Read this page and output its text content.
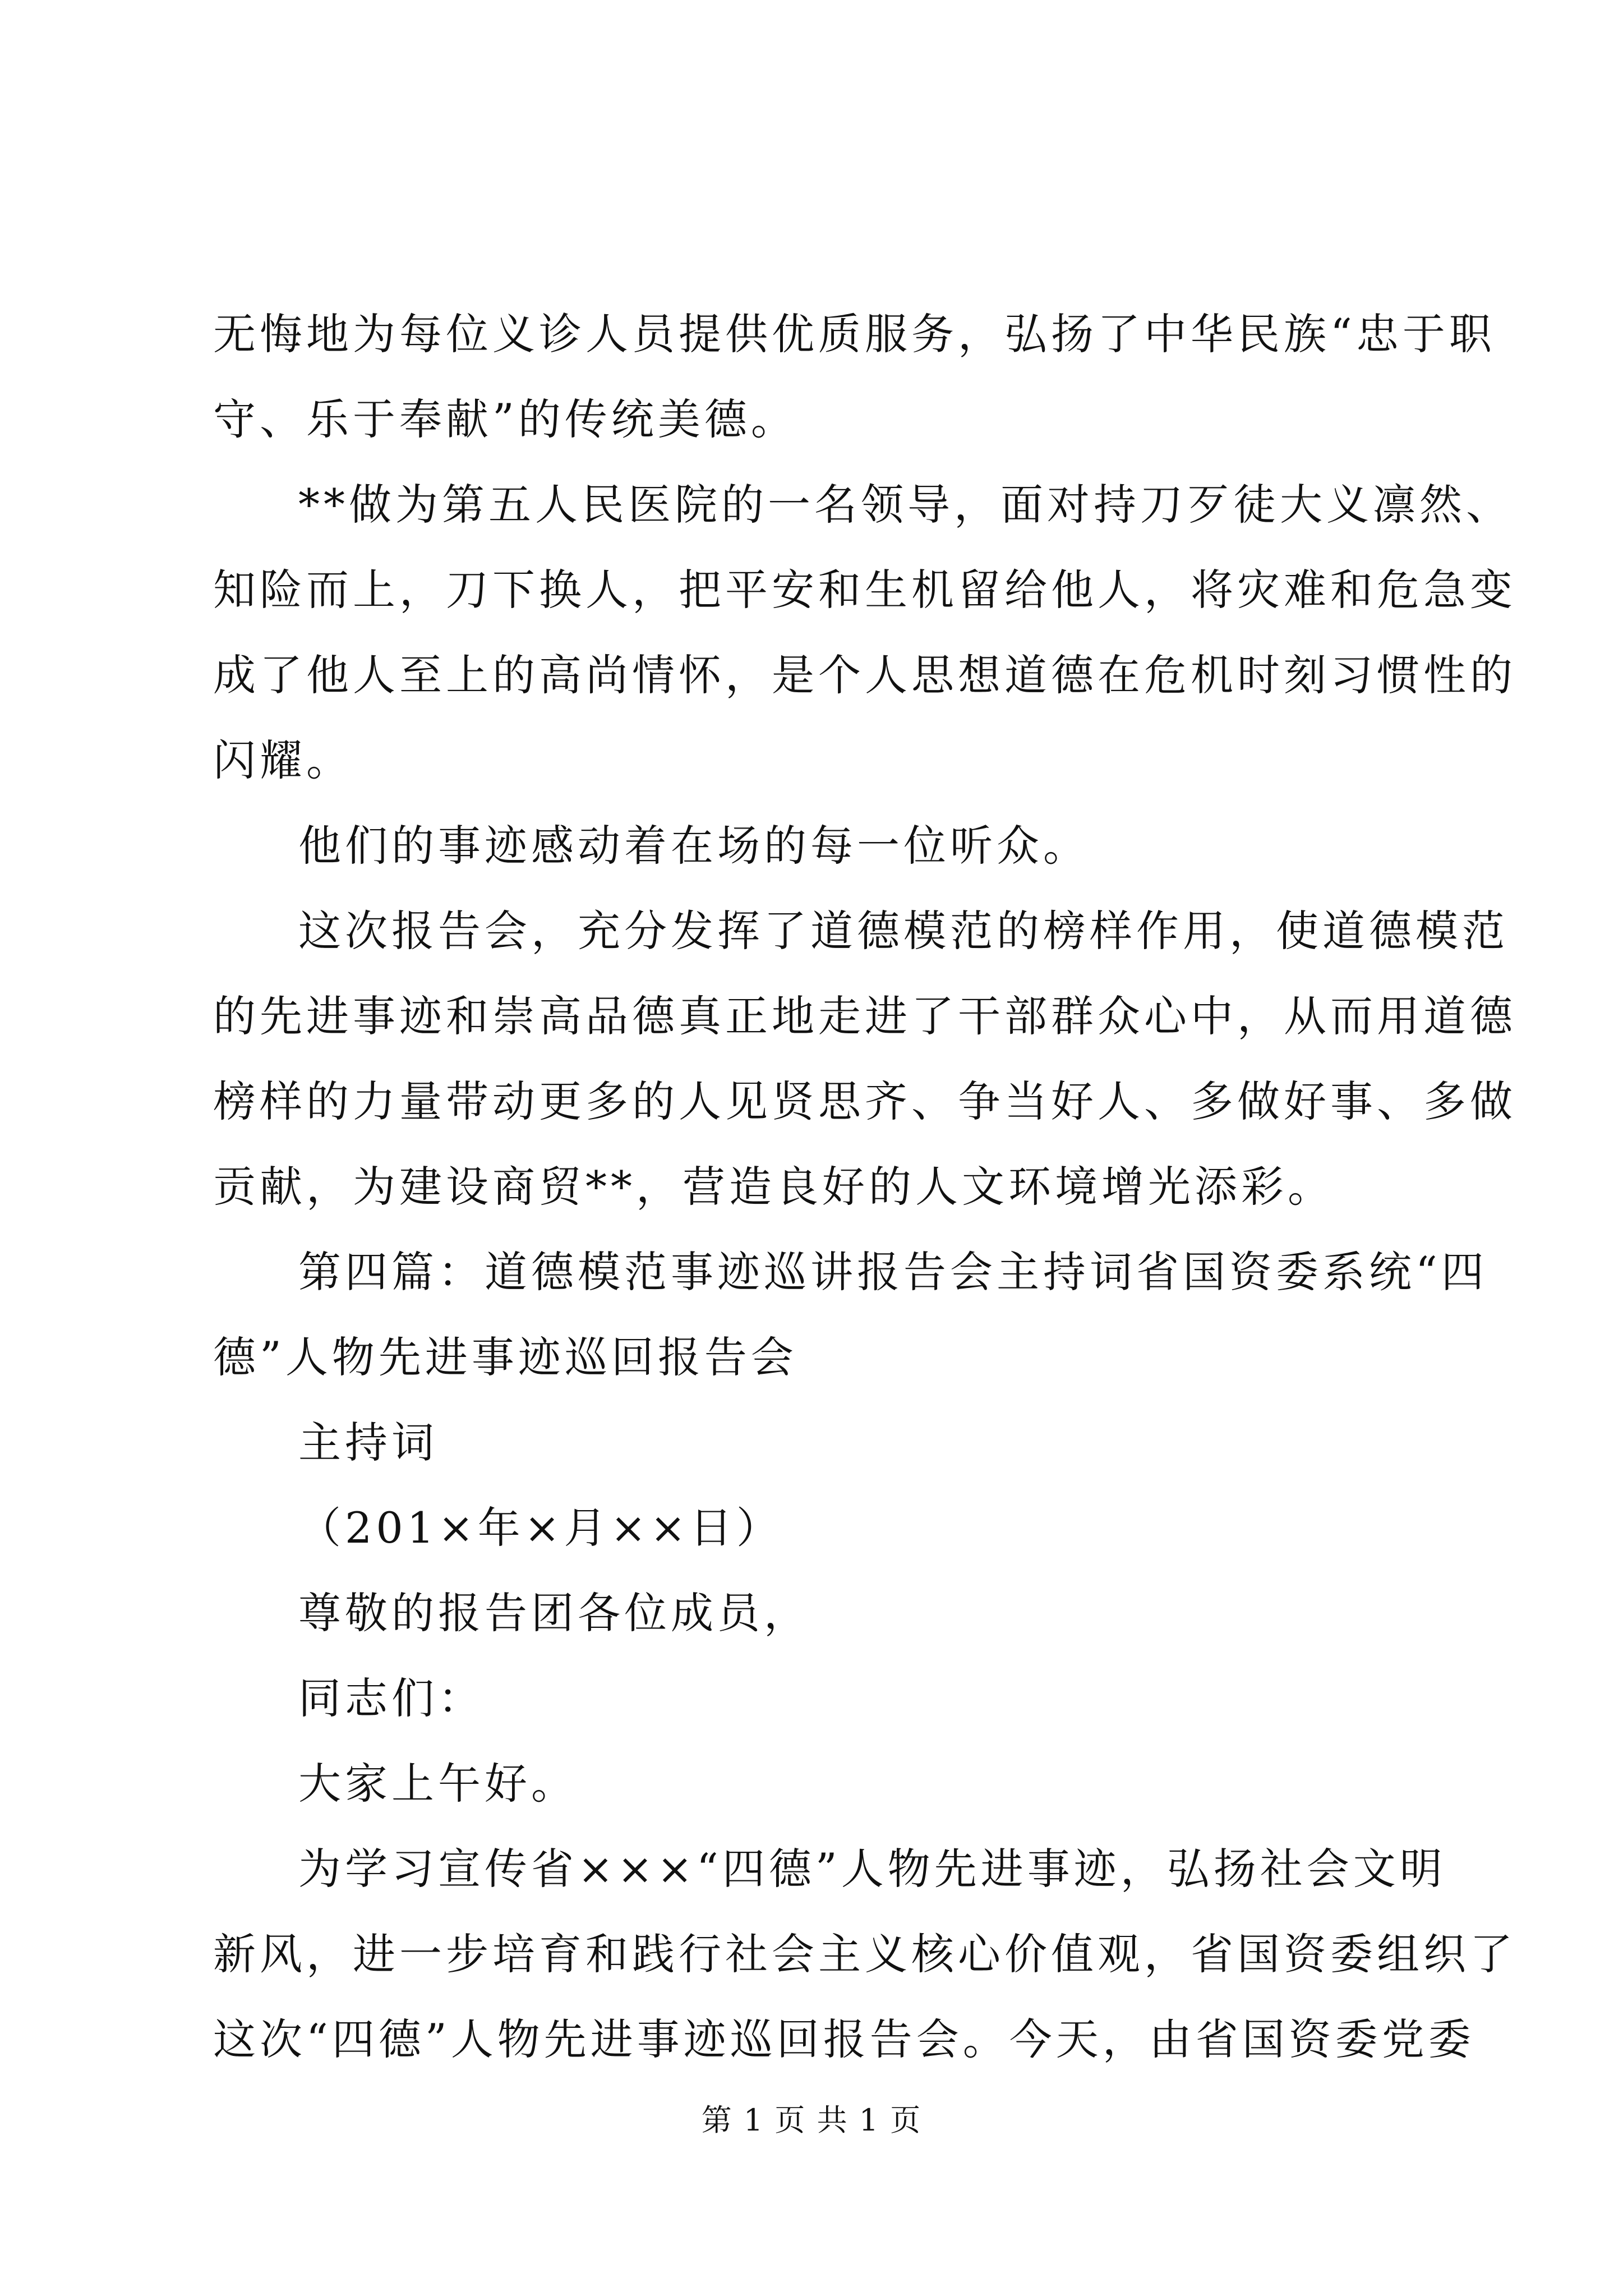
无悔地为每位义诊人员提供优质服务，弘扬了中华民族“忠于职
守、乐于奉献”的传统美德。
**做为第五人民医院的一名领导，面对持刀歹徒大义凛然、
知险而上，刀下换人，把平安和生机留给他人，将灾难和危急变
成了他人至上的高尚情怀，是个人思想道德在危机时刻习惯性的
闪耀。
他们的事迹感动着在场的每一位听众。
这次报告会，充分发挥了道德模范的榜样作用，使道德模范
的先进事迹和崇高品德真正地走进了干部群众心中，从而用道德
榜样的力量带动更多的人见贤思齐、争当好人、多做好事、多做
贡献，为建设商贸**，营造良好的人文环境增光添彩。
第四篇：道德模范事迹巡讲报告会主持词省国资委系统“四
德”人物先进事迹巡回报告会
主持词
（201×年×月××日）
尊敬的报告团各位成员，
同志们：
大家上午好。
为学习宣传省×××“四德”人物先进事迹，弘扬社会文明
新风，进一步培育和践行社会主义核心价值观，省国资委组织了
这次“四德”人物先进事迹巡回报告会。今天，由省国资委党委
第 1 页 共 1 页
